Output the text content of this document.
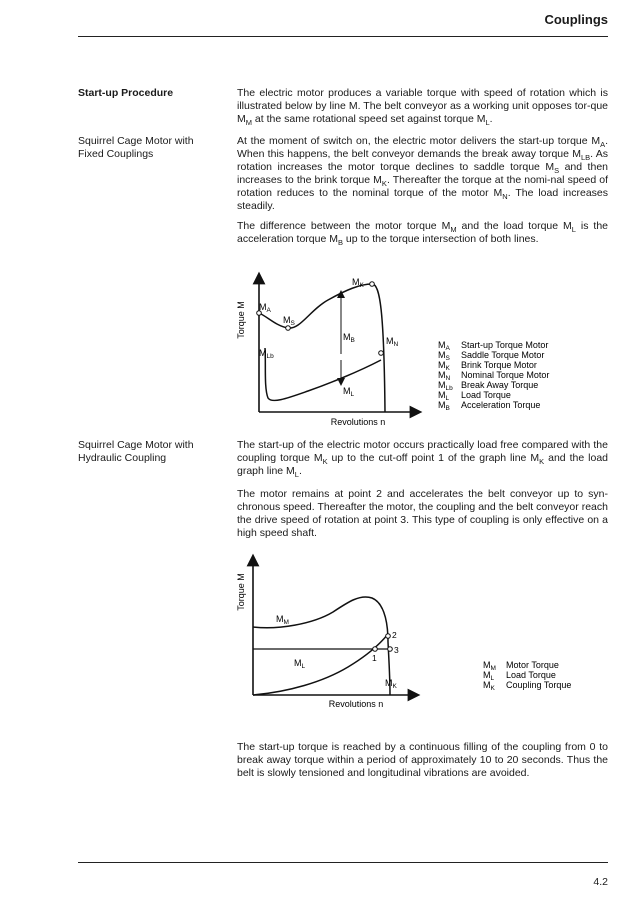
Couplings
Start-up Procedure	The electric motor produces a variable torque with speed of rotation which is illustrated below by line M. The belt conveyor as a working unit opposes tor-que $M_M$ at the same rotational speed set against torque $M_L$.
Squirrel Cage Motor with Fixed Couplings
At the moment of switch on, the electric motor delivers the start-up torque $M_A$. When this happens, the belt conveyor demands the break away torque $M_{LB}$. As rotation increases the motor torque declines to saddle torque $M_S$ and then increases to the brink torque $M_K$. Thereafter the torque at the nomi-nal speed of rotation reduces to the nominal torque of the motor $M_N$. The load increases steadily.
The difference between the motor torque $M_M$ and the load torque $M_L$ is the acceleration torque $M_B$ up to the torque intersection of both lines.
Torque M
Revolutions n
$M_A$
$M_S$
$M_K$
$M_B$	$M_N$
$M_{Lb}$
$M_L$
$M_A$ Start-up Torque Motor
$M_S$ Saddle Torque Motor
$M_K$ Brink Torque Motor
$M_N$ Nominal Torque Motor
$M_{Lb}$ Break Away Torque
$M_L$ Load Torque
$M_B$ Acceleration Torque
Squirrel Cage Motor with Hydraulic Coupling
The start-up of the electric motor occurs practically load free compared with the coupling torque $M_K$ up to the cut-off point 1 of the graph line $M_K$ and the load graph line $M_L$.
The motor remains at point 2 and accelerates the belt conveyor up to syn-chronous speed. Thereafter the motor, the coupling and the belt conveyor reach the drive speed of rotation at point 3. This type of coupling is only effective on a high speed shaft.
Torque M
Revolutions n
$M_M$
$M_L$
$M_K$
1
2
3
$M_M$ Motor Torque
$M_L$ Load Torque
$M_K$ Coupling Torque
The start-up torque is reached by a continuous filling of the coupling from 0 to break away torque within a period of approximately 10 to 20 seconds. Thus the belt is slowly tensioned and longitudinal vibrations are avoided.
4.2
